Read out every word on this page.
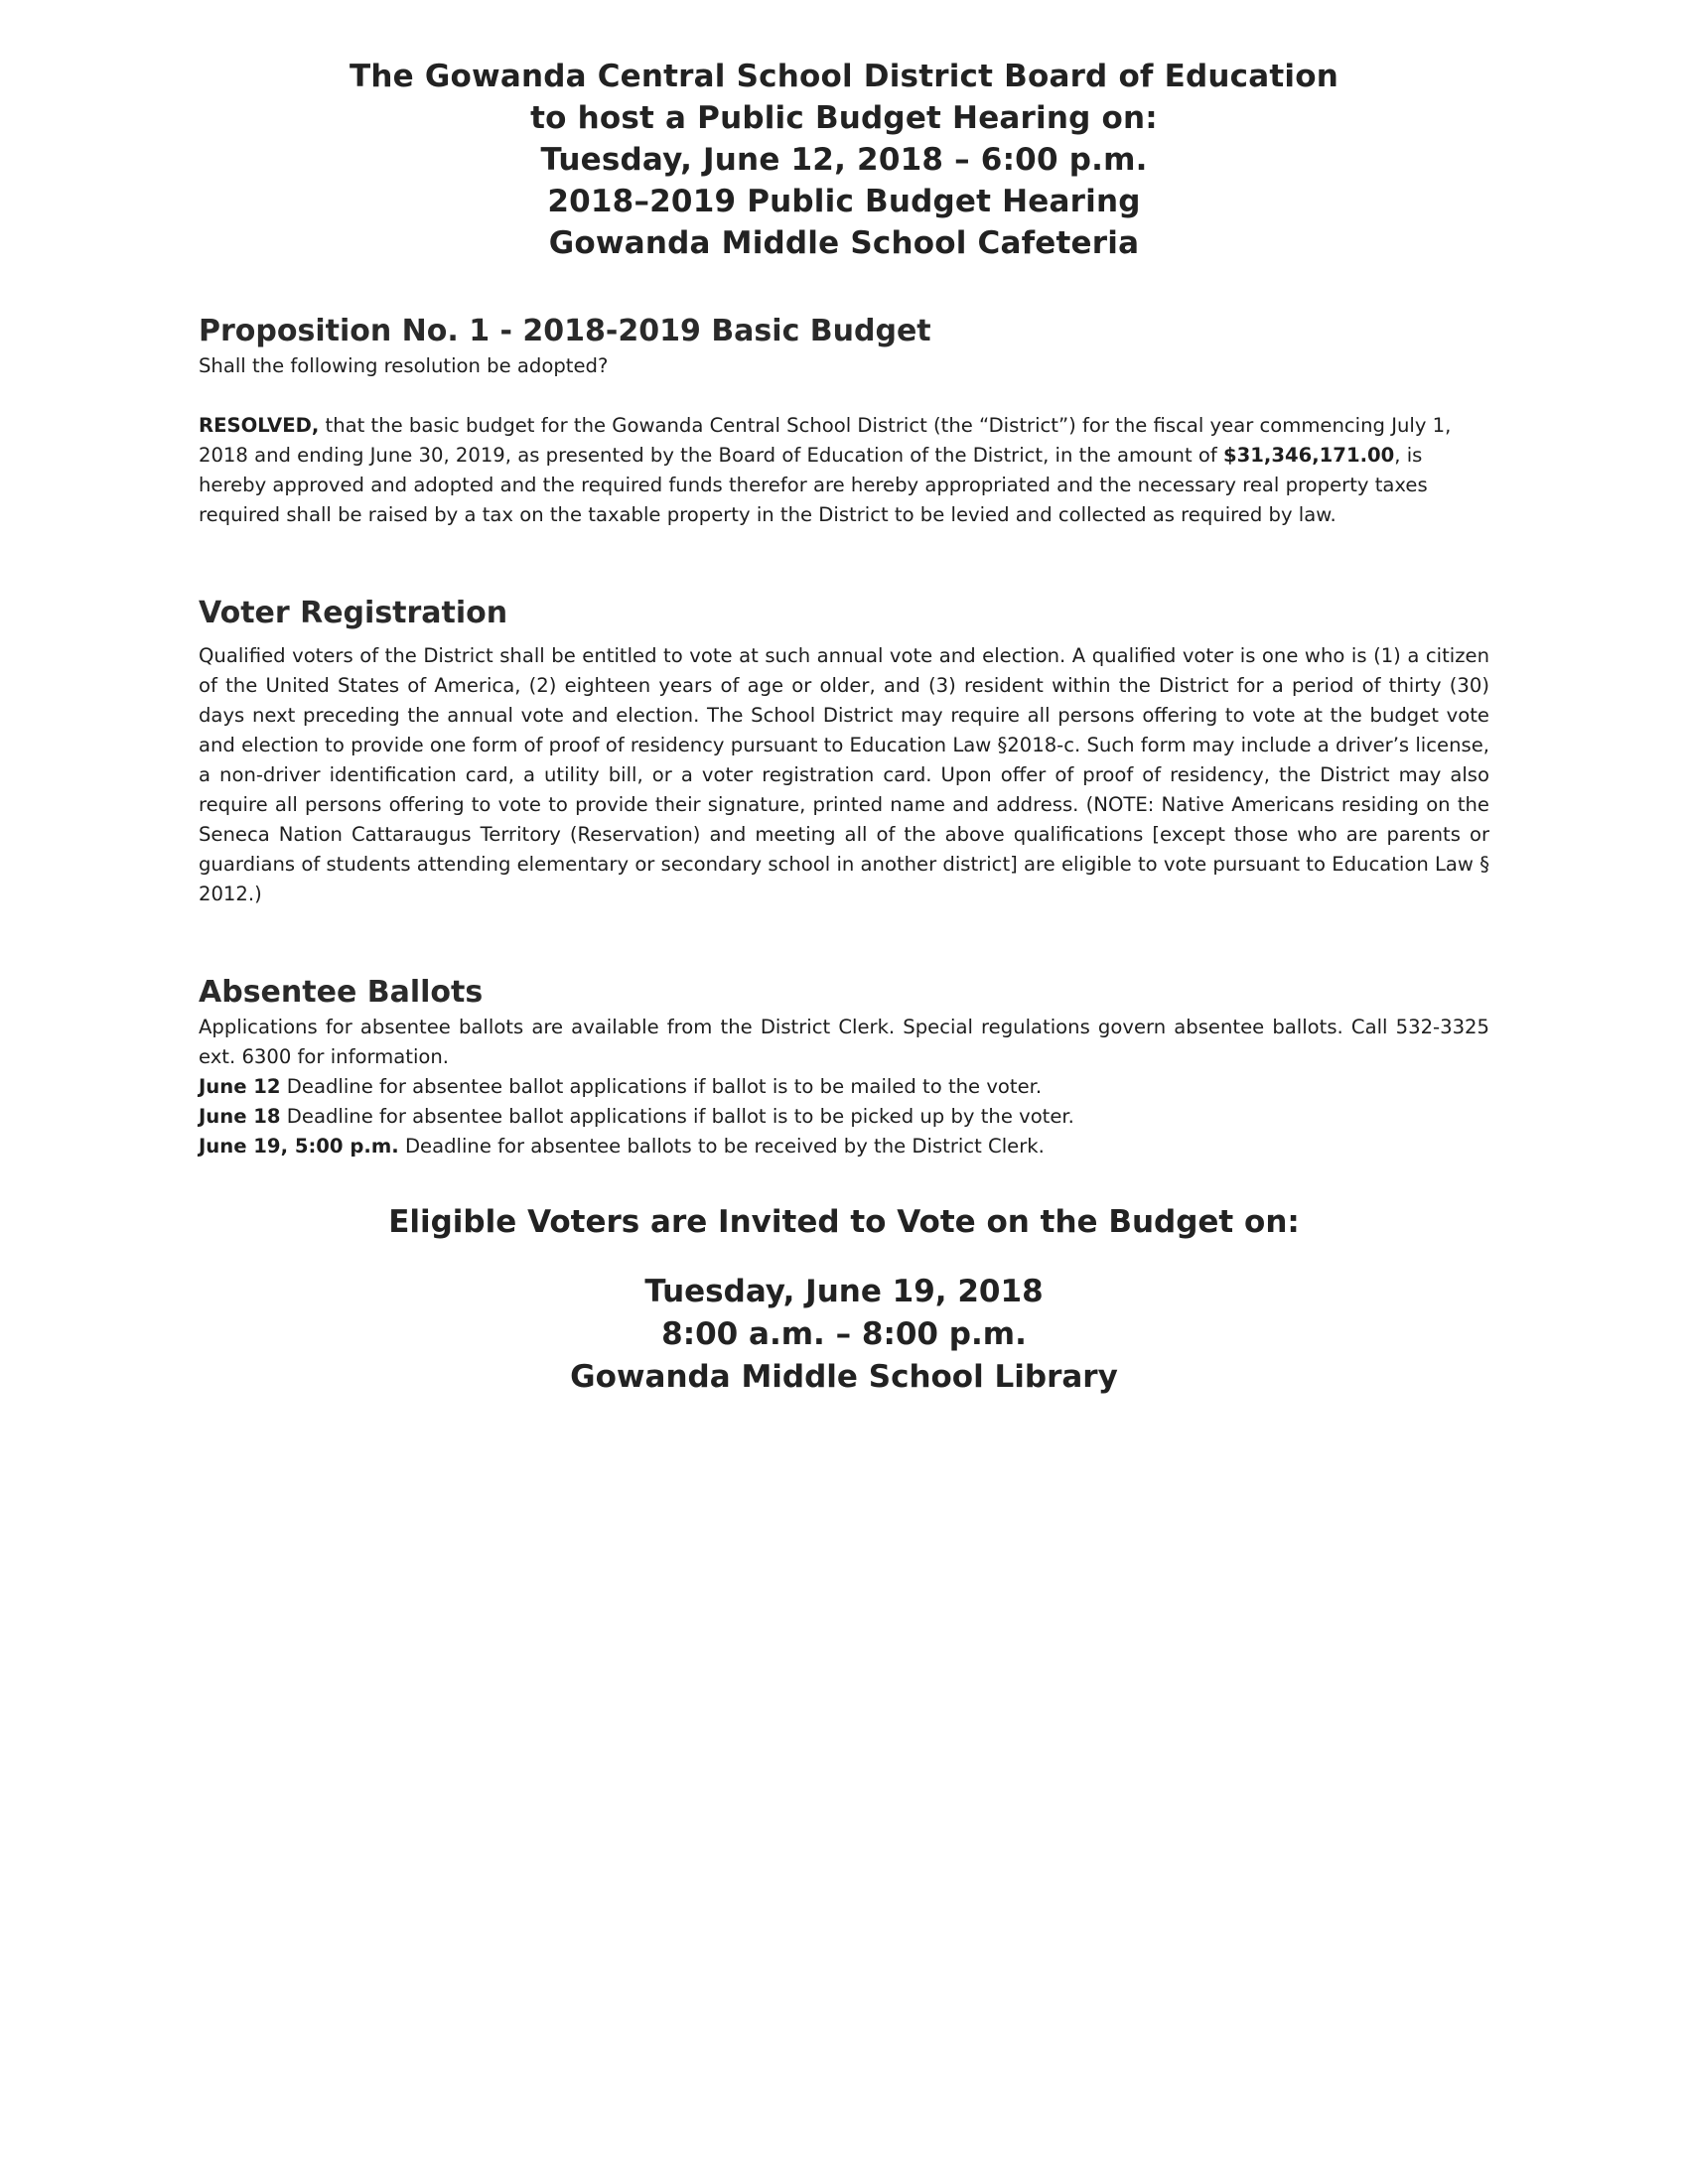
The Gowanda Central School District Board of Education
to host a Public Budget Hearing on:
Tuesday, June 12, 2018 – 6:00 p.m.
2018–2019 Public Budget Hearing
Gowanda Middle School Cafeteria
Proposition No. 1 - 2018-2019 Basic Budget
Shall the following resolution be adopted?
RESOLVED, that the basic budget for the Gowanda Central School District (the “District”) for the fiscal year commencing July 1, 2018 and ending June 30, 2019, as presented by the Board of Education of the District, in the amount of $31,346,171.00, is hereby approved and adopted and the required funds therefor are hereby appropriated and the necessary real property taxes required shall be raised by a tax on the taxable property in the District to be levied and collected as required by law.
Voter Registration
Qualified voters of the District shall be entitled to vote at such annual vote and election. A qualified voter is one who is (1) a citizen of the United States of America, (2) eighteen years of age or older, and (3) resident within the District for a period of thirty (30) days next preceding the annual vote and election. The School District may require all persons offering to vote at the budget vote and election to provide one form of proof of residency pursuant to Education Law §2018-c. Such form may include a driver’s license, a non-driver identification card, a utility bill, or a voter registration card. Upon offer of proof of residency, the District may also require all persons offering to vote to provide their signature, printed name and address. (NOTE: Native Americans residing on the Seneca Nation Cattaraugus Territory (Reservation) and meeting all of the above qualifications [except those who are parents or guardians of students attending elementary or secondary school in another district] are eligible to vote pursuant to Education Law § 2012.)
Absentee Ballots
Applications for absentee ballots are available from the District Clerk. Special regulations govern absentee ballots. Call 532-3325 ext. 6300 for information.
June 12 Deadline for absentee ballot applications if ballot is to be mailed to the voter.
June 18 Deadline for absentee ballot applications if ballot is to be picked up by the voter.
June 19, 5:00 p.m. Deadline for absentee ballots to be received by the District Clerk.
Eligible Voters are Invited to Vote on the Budget on:
Tuesday, June 19, 2018
8:00 a.m. – 8:00 p.m.
Gowanda Middle School Library
